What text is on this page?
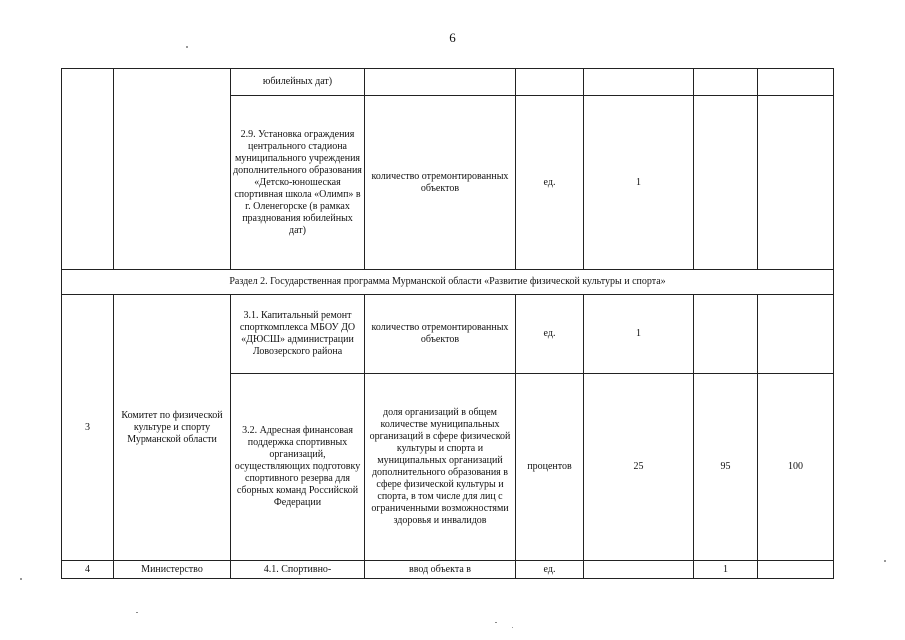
6
		юбилейных дат)					
		2.9. Установка ограждения центрального стадиона муниципального учреждения дополнительного образования «Детско-юношеская спортивная школа «Олимп» в г. Оленегорске (в рамках празднования юбилейных дат)	количество отремонтированных объектов	ед.	1		
Раздел 2. Государственная программа Мурманской области «Развитие физической культуры и спорта»							
3	Комитет по физической культуре и спорту Мурманской области	3.1. Капитальный ремонт спорткомплекса МБОУ ДО «ДЮСШ» администрации Ловозерского района	количество отремонтированных объектов	ед.	1		
		3.2. Адресная финансовая поддержка спортивных организаций, осуществляющих подготовку спортивного резерва для сборных команд Российской Федерации	доля организаций в общем количестве муниципальных организаций в сфере физической культуры и спорта и муниципальных организаций дополнительного образования в сфере физической культуры и спорта, в том числе для лиц с ограниченными возможностями здоровья и инвалидов	процентов	25	95	100
4	Министерство	4.1. Спортивно-	ввод объекта в	ед.		1	
